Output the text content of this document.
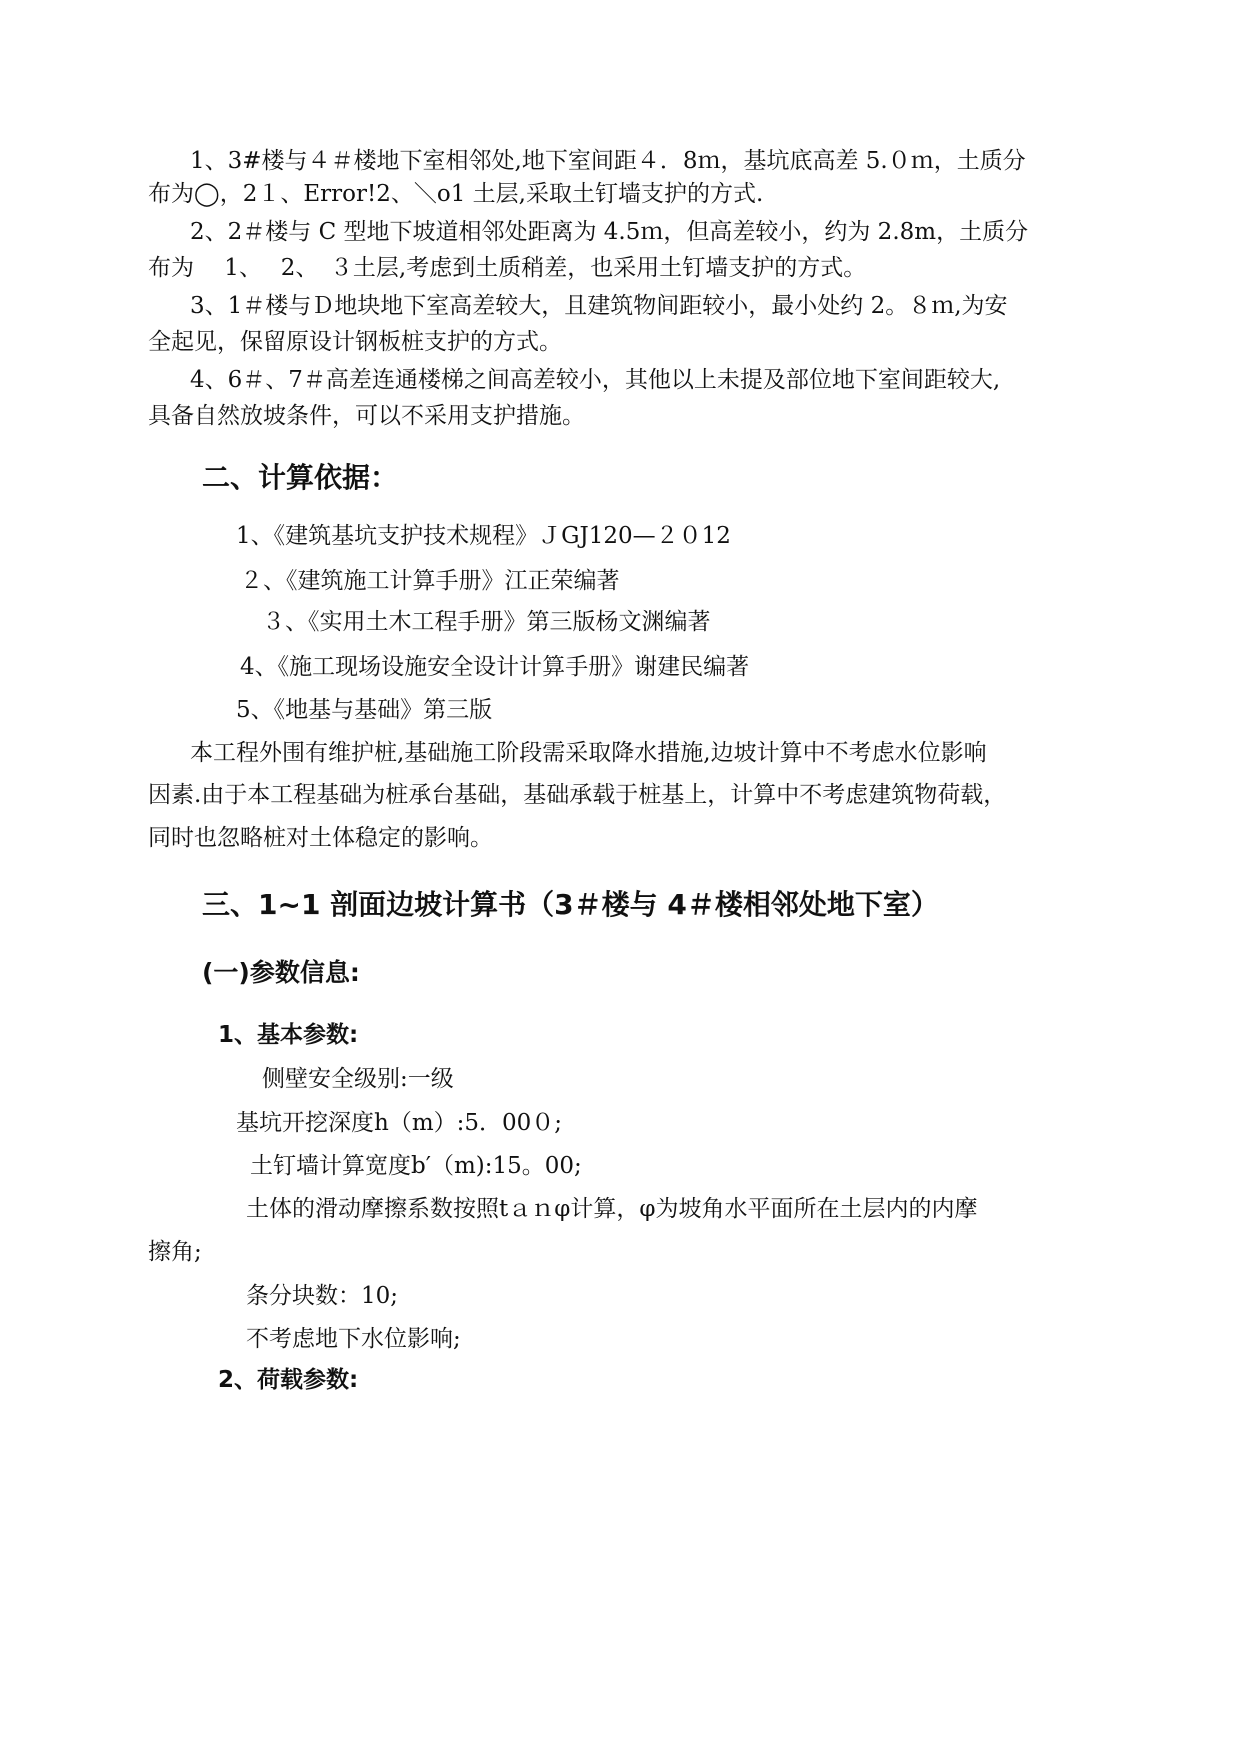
1、3#楼与４＃楼地下室相邻处,地下室间距４．8ｍ，基坑底高差 5.０ｍ，土质分
布为◯，2１、Error!2、＼o1 土层,采取土钉墙支护的方式.
2、2＃楼与 C 型地下坡道相邻处距离为 4.5ｍ，但高差较小，约为 2.8m，土质分
布为　 1、　 2、　３土层,考虑到土质稍差，也采用土钉墙支护的方式。
3、1＃楼与Ｄ地块地下室高差较大，且建筑物间距较小，最小处约 2。８ｍ,为安
全起见，保留原设计钢板桩支护的方式。
4、6＃、7＃高差连通楼梯之间高差较小，其他以上未提及部位地下室间距较大,
具备自然放坡条件，可以不采用支护措施。
二、计算依据：
1、《建筑基坑支护技术规程》ＪGJ120—２０12
２、《建筑施工计算手册》江正荣编著
３、《实用土木工程手册》第三版杨文渊编著
4、《施工现场设施安全设计计算手册》谢建民编著
5、《地基与基础》第三版
本工程外围有维护桩,基础施工阶段需采取降水措施,边坡计算中不考虑水位影响
因素.由于本工程基础为桩承台基础，基础承载于桩基上，计算中不考虑建筑物荷载，
同时也忽略桩对土体稳定的影响。
三、1~1 剖面边坡计算书（3＃楼与 4＃楼相邻处地下室）
(一)参数信息:
1、基本参数:
侧壁安全级别:一级
基坑开挖深度h（m）:5．00０;
土钉墙计算宽度b′（m):15。00;
土体的滑动摩擦系数按照tａｎφ计算，φ为坡角水平面所在土层内的内摩
擦角;
条分块数：10;
不考虑地下水位影响;
2、荷载参数:
